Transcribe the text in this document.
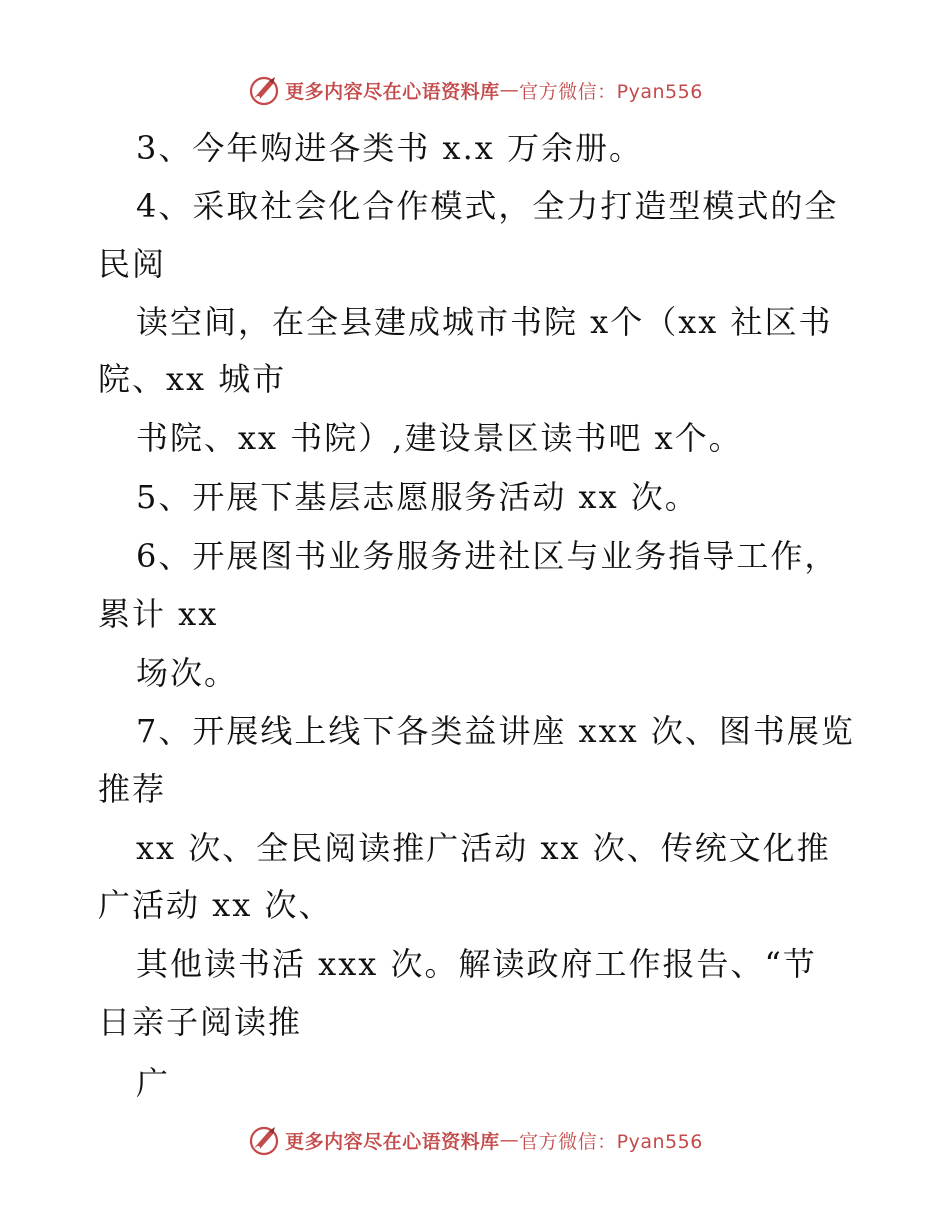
更多内容尽在心语资料库 — 官方微信：Pyan556
3、今年购进各类书 x.x 万余册。
4、采取社会化合作模式，全力打造型模式的全
民阅
读空间，在全县建成城市书院 x个（xx 社区书
院、xx 城市
书院、xx 书院）,建设景区读书吧 x个。
5、开展下基层志愿服务活动 xx 次。
6、开展图书业务服务进社区与业务指导工作，
累计 xx
场次。
7、开展线上线下各类益讲座 xxx 次、图书展览
推荐
xx 次、全民阅读推广活动 xx 次、传统文化推
广活动 xx 次、
其他读书活 xxx 次。解读政府工作报告、“节
日亲子阅读推
广
更多内容尽在心语资料库 — 官方微信：Pyan556
